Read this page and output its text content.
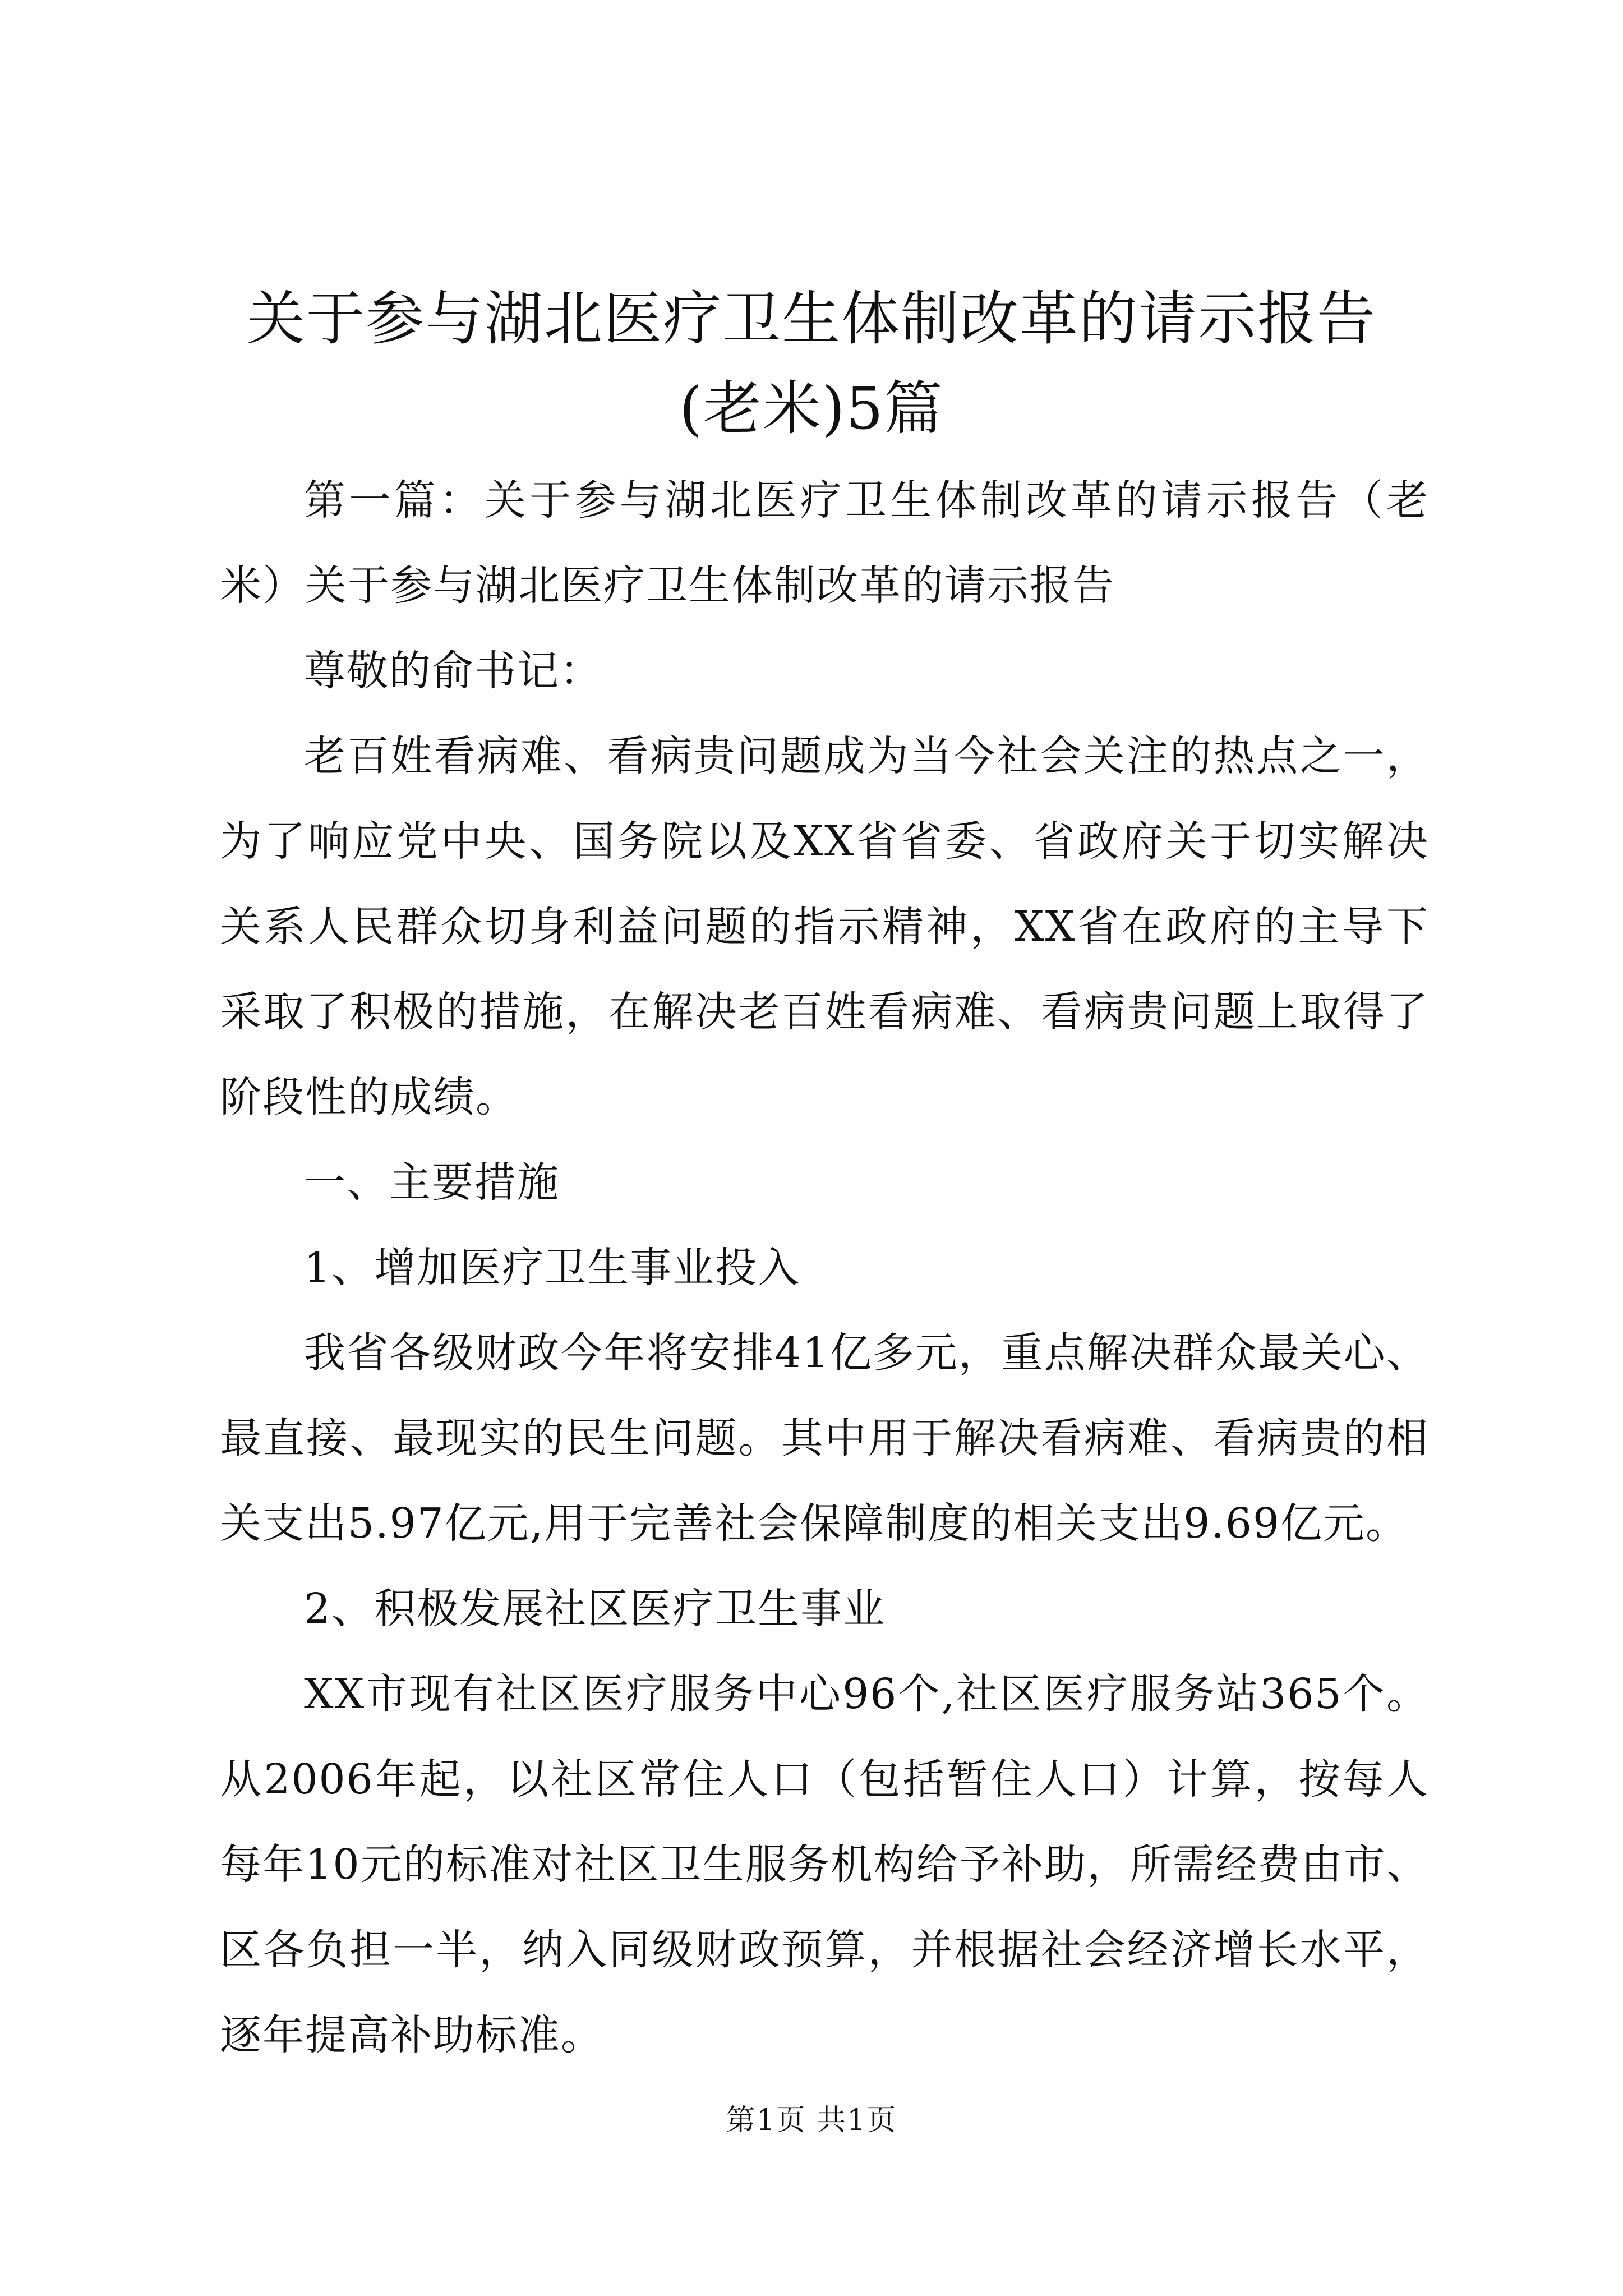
关于参与湖北医疗卫生体制改革的请示报告
(老米)5篇

第一篇：关于参与湖北医疗卫生体制改革的请示报告（老米）关于参与湖北医疗卫生体制改革的请示报告

尊敬的俞书记：

老百姓看病难、看病贵问题成为当今社会关注的热点之一，为了响应党中央、国务院以及XX省省委、省政府关于切实解决关系人民群众切身利益问题的指示精神，XX省在政府的主导下采取了积极的措施，在解决老百姓看病难、看病贵问题上取得了阶段性的成绩。

一、主要措施

1、增加医疗卫生事业投入

我省各级财政今年将安排41亿多元，重点解决群众最关心、最直接、最现实的民生问题。其中用于解决看病难、看病贵的相关支出5.97亿元,用于完善社会保障制度的相关支出9.69亿元。

2、积极发展社区医疗卫生事业

XX市现有社区医疗服务中心96个,社区医疗服务站365个。从2006年起，以社区常住人口（包括暂住人口）计算，按每人每年10元的标准对社区卫生服务机构给予补助，所需经费由市、区各负担一半，纳入同级财政预算，并根据社会经济增长水平，逐年提高补助标准。

第1页 共1页
